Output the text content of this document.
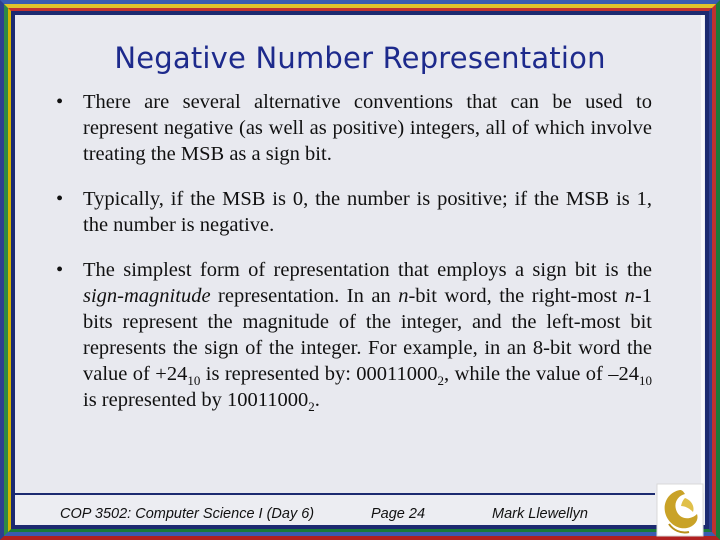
Negative Number Representation
• There are several alternative conventions that can be used to represent negative (as well as positive) integers, all of which involve treating the MSB as a sign bit.

• Typically, if the MSB is 0, the number is positive; if the MSB is 1, the number is negative.

• The simplest form of representation that employs a sign bit is the sign-magnitude representation. In an n-bit word, the right-most n-1 bits represent the magnitude of the integer, and the left-most bit represents the sign of the integer. For example, in an 8-bit word the value of $+24_{10}$ is represented by: $00011000_2$, while the value of $-24_{10}$ is represented by $10011000_2$.

COP 3502: Computer Science I (Day 6)	Page 24	Mark Llewellyn
